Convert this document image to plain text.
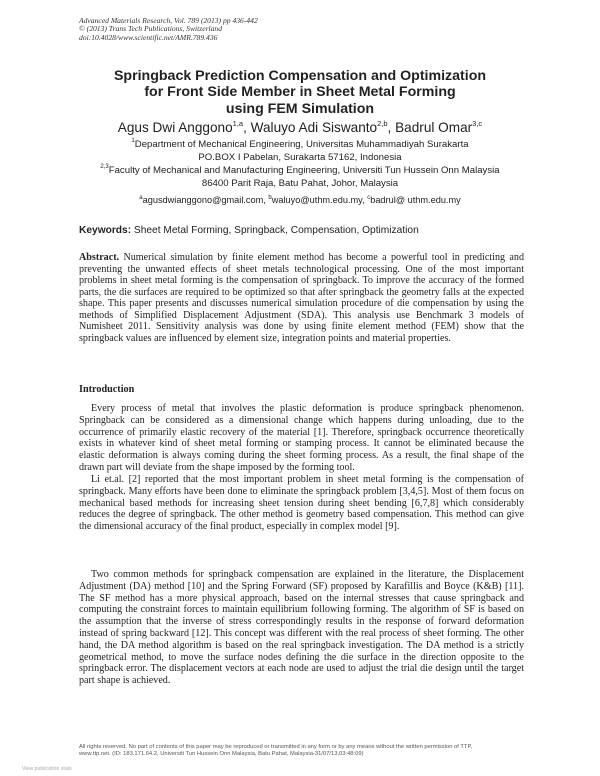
Advanced Materials Research, Vol. 789 (2013) pp 436-442
© (2013) Trans Tech Publications, Switzerland
doi:10.4028/www.scientific.net/AMR.789.436
Springback Prediction Compensation and Optimization
for Front Side Member in Sheet Metal Forming
using FEM Simulation
Agus Dwi Anggono$^{1,a}$, Waluyo Adi Siswanto$^{2,b}$, Badrul Omar$^{3,c}$
$^1$Department of Mechanical Engineering, Universitas Muhammadiyah Surakarta
PO.BOX I Pabelan, Surakarta 57162, Indonesia
$^{2,3}$Faculty of Mechanical and Manufacturing Engineering, Universiti Tun Hussein Onn Malaysia
86400 Parit Raja, Batu Pahat, Johor, Malaysia
$^a$agusdwianggono@gmail.com, $^b$waluyo@uthm.edu.my, $^c$badrul@ uthm.edu.my
Keywords: Sheet Metal Forming, Springback, Compensation, Optimization
Abstract. Numerical simulation by finite element method has become a powerful tool in predicting and preventing the unwanted effects of sheet metals technological processing. One of the most important problems in sheet metal forming is the compensation of springback. To improve the accuracy of the formed parts, the die surfaces are required to be optimized so that after springback the geometry falls at the expected shape. This paper presents and discusses numerical simulation procedure of die compensation by using the methods of Simplified Displacement Adjustment (SDA). This analysis use Benchmark 3 models of Numisheet 2011. Sensitivity analysis was done by using finite element method (FEM) show that the springback values are influenced by element size, integration points and material properties.
Introduction
Every process of metal that involves the plastic deformation is produce springback phenomenon. Springback can be considered as a dimensional change which happens during unloading, due to the occurrence of primarily elastic recovery of the material [1]. Therefore, springback occurrence theoretically exists in whatever kind of sheet metal forming or stamping process. It cannot be eliminated because the elastic deformation is always coming during the sheet forming process. As a result, the final shape of the drawn part will deviate from the shape imposed by the forming tool.
Li et.al. [2] reported that the most important problem in sheet metal forming is the compensation of springback. Many efforts have been done to eliminate the springback problem [3,4,5]. Most of them focus on mechanical based methods for increasing sheet tension during sheet bending [6,7,8] which considerably reduces the degree of springback. The other method is geometry based compensation. This method can give the dimensional accuracy of the final product, especially in complex model [9].
Two common methods for springback compensation are explained in the literature, the Displacement Adjustment (DA) method [10] and the Spring Forward (SF) proposed by Karafillis and Boyce (K&B) [11]. The SF method has a more physical approach, based on the internal stresses that cause springback and computing the constraint forces to maintain equilibrium following forming. The algorithm of SF is based on the assumption that the inverse of stress correspondingly results in the response of forward deformation instead of spring backward [12]. This concept was different with the real process of sheet forming. The other hand, the DA method algorithm is based on the real springback investigation. The DA method is a strictly geometrical method, to move the surface nodes defining the die surface in the direction opposite to the springback error. The displacement vectors at each node are used to adjust the trial die design until the target part shape is achieved.
All rights reserved. No part of contents of this paper may be reproduced or transmitted in any form or by any means without the written permission of TTP,
www.ttp.net. (ID: 183.171.64.2, Universiti Tun Hussein Onn Malaysia, Batu Pahat, Malaysia-31/07/13,03:48:09)
View publication stats
